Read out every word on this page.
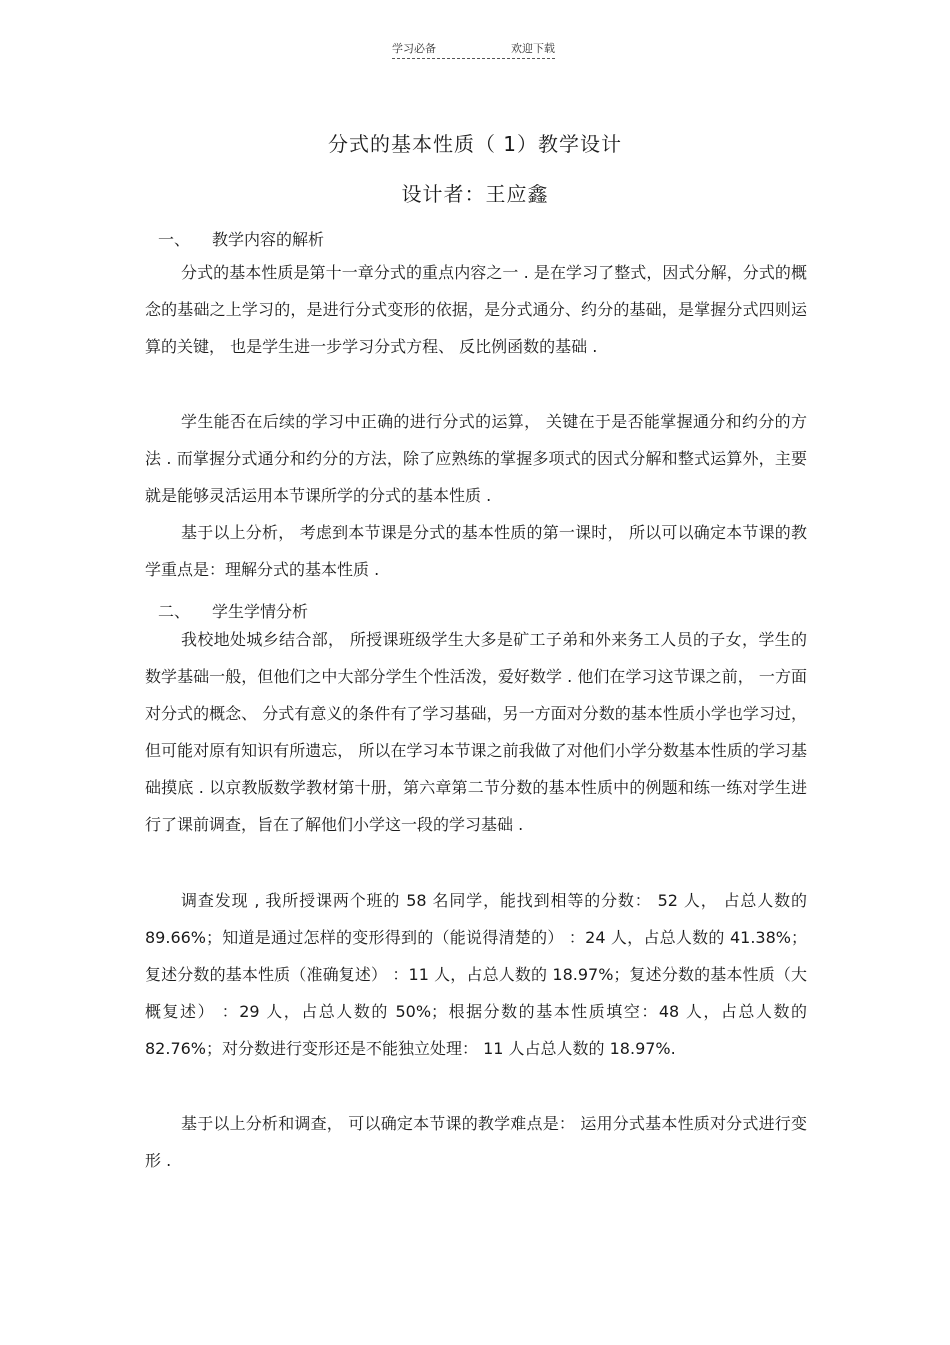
学习必备	欢迎下载
分式的基本性质（ 1）教学设计
设计者：王应鑫
一、 教学内容的解析

分式的基本性质是第十一章分式的重点内容之一 . 是在学习了整式，因式分解，分式的概念的基础之上学习的，是进行分式变形的依据，是分式通分、约分的基础，是掌握分式四则运算的关键， 也是学生进一步学习分式方程、 反比例函数的基础 .

学生能否在后续的学习中正确的进行分式的运算， 关键在于是否能掌握通分和约分的方法 . 而掌握分式通分和约分的方法，除了应熟练的掌握多项式的因式分解和整式运算外，主要就是能够灵活运用本节课所学的分式的基本性质 .

基于以上分析， 考虑到本节课是分式的基本性质的第一课时， 所以可以确定本节课的教学重点是：理解分式的基本性质 .

二、 学生学情分析

我校地处城乡结合部， 所授课班级学生大多是矿工子弟和外来务工人员的子女，学生的数学基础一般，但他们之中大部分学生个性活泼，爱好数学 . 他们在学习这节课之前， 一方面对分式的概念、 分式有意义的条件有了学习基础，另一方面对分数的基本性质小学也学习过， 但可能对原有知识有所遗忘， 所以在学习本节课之前我做了对他们小学分数基本性质的学习基础摸底 . 以京教版数学教材第十册，第六章第二节分数的基本性质中的例题和练一练对学生进行了课前调查，旨在了解他们小学这一段的学习基础 .

调查发现 , 我所授课两个班的 58 名同学，能找到相等的分数： 52 人， 占总人数的 89.66%；知道是通过怎样的变形得到的（能说得清楚的） ：24 人，占总人数的 41.38%；复述分数的基本性质（准确复述） ：11 人，占总人数的 18.97%；复述分数的基本性质（大概复述） ：29 人，占总人数的 50%；根据分数的基本性质填空：48 人，占总人数的 82.76%；对分数进行变形还是不能独立处理： 11 人占总人数的 18.97%.

基于以上分析和调查， 可以确定本节课的教学难点是： 运用分式基本性质对分式进行变形 .
